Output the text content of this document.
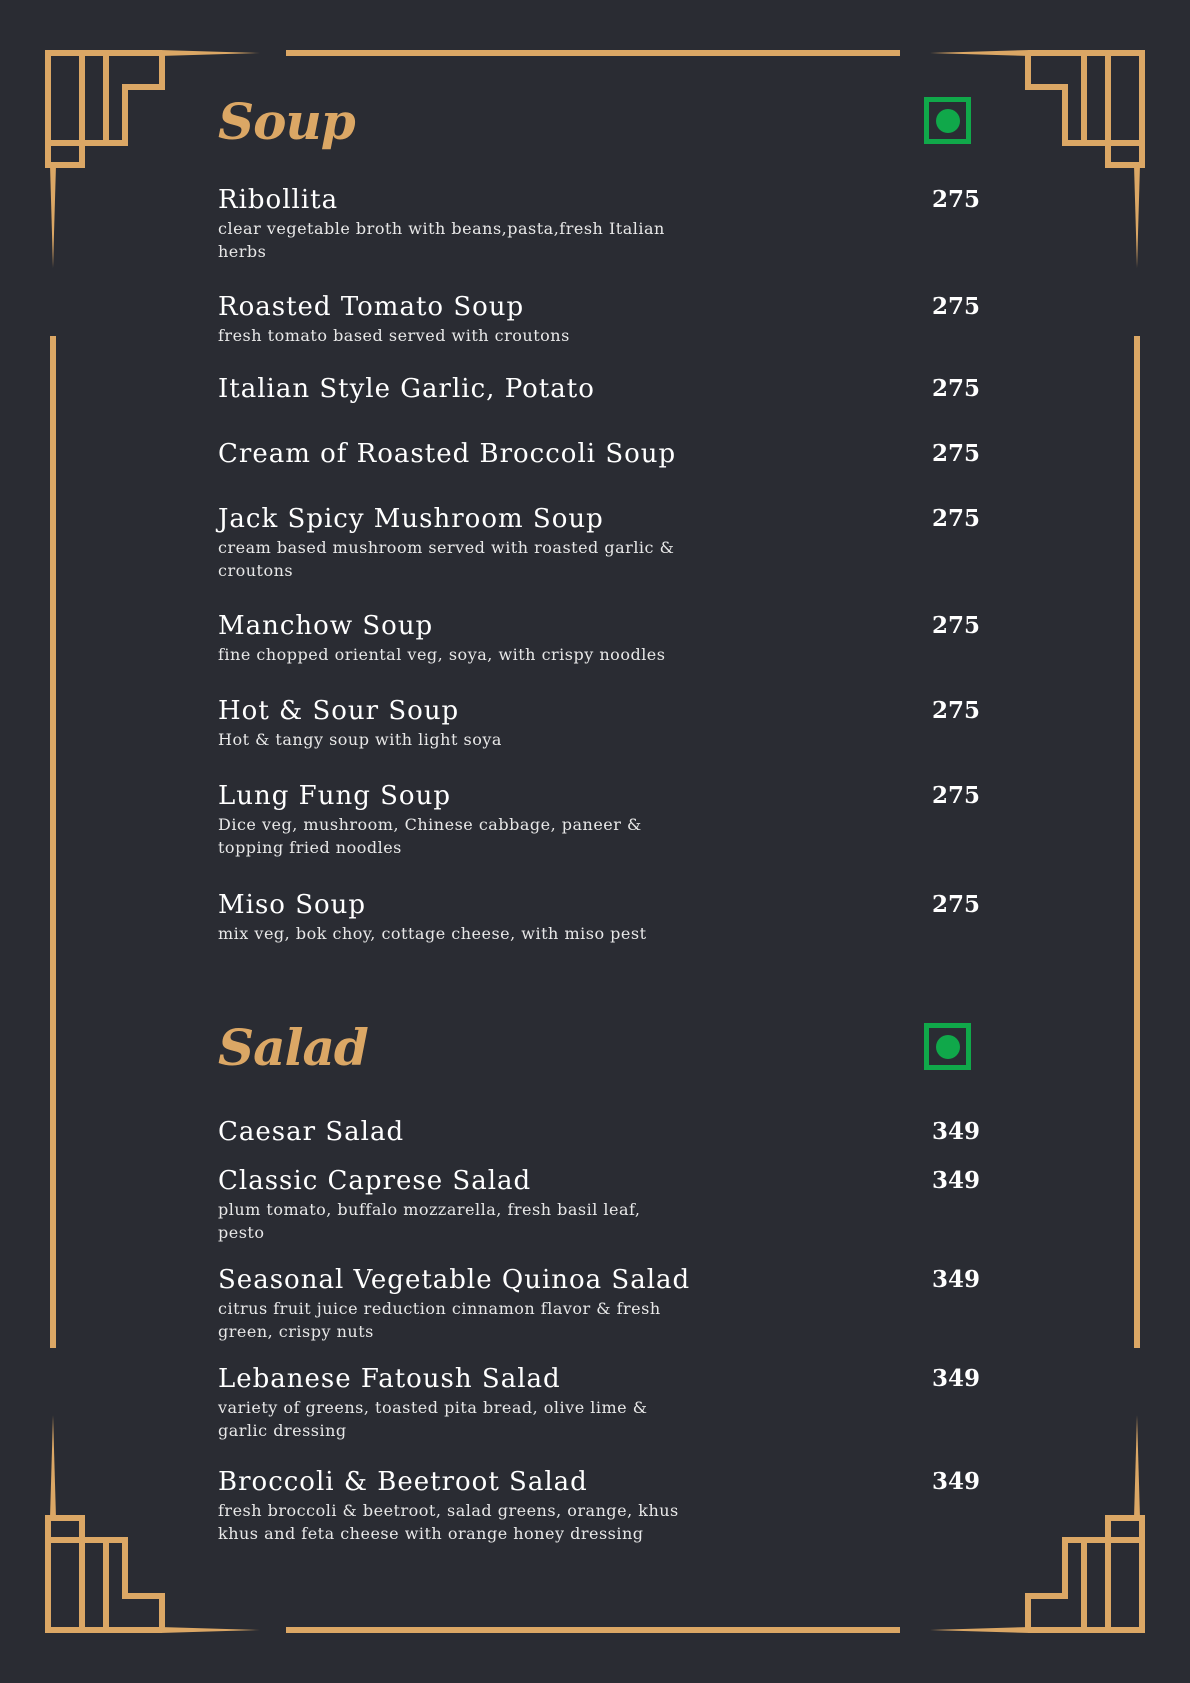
Soup
Ribollita
clear vegetable broth with beans,pasta,fresh Italian herbs
275
Roasted Tomato Soup
fresh tomato based served with croutons
275
Italian Style Garlic, Potato	275
Cream of Roasted Broccoli Soup	275
Jack Spicy Mushroom Soup
cream based mushroom served with roasted garlic & croutons
275
Manchow Soup
fine chopped oriental veg, soya, with crispy noodles
275
Hot & Sour Soup
Hot & tangy soup with light soya
275
Lung Fung Soup
Dice veg, mushroom, Chinese cabbage, paneer & topping fried noodles
275
Miso Soup
mix veg, bok choy, cottage cheese, with miso pest
275
Salad
Caesar Salad	349
Classic Caprese Salad
plum tomato, buffalo mozzarella, fresh basil leaf, pesto
349
Seasonal Vegetable Quinoa Salad
citrus fruit juice reduction cinnamon flavor & fresh green, crispy nuts
349
Lebanese Fatoush Salad
variety of greens, toasted pita bread, olive lime & garlic dressing
349
Broccoli & Beetroot Salad
fresh broccoli & beetroot, salad greens, orange, khus khus and feta cheese with orange honey dressing
349
